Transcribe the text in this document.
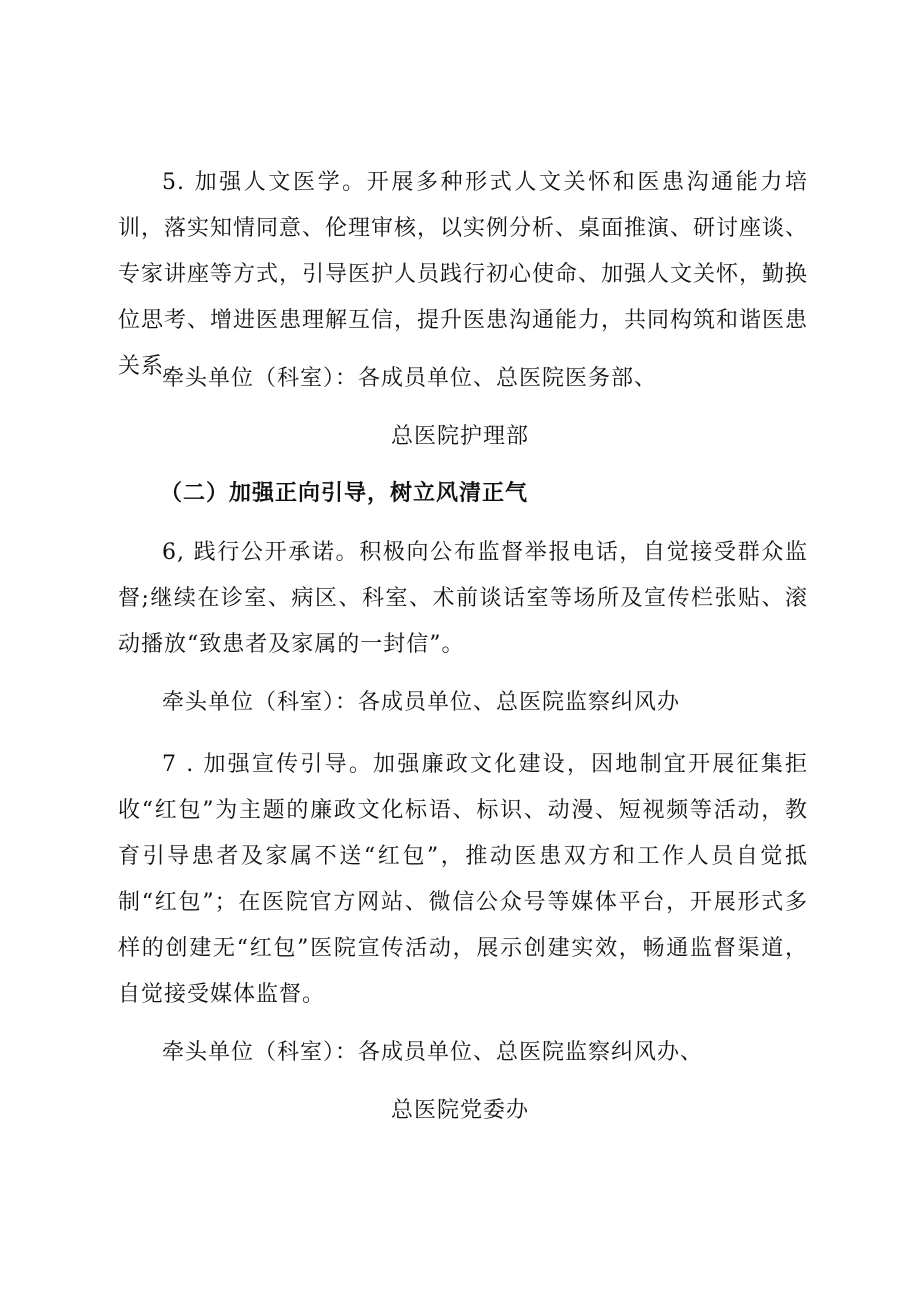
5. 加强人文医学。开展多种形式人文关怀和医患沟通能力培训，落实知情同意、伦理审核，以实例分析、桌面推演、研讨座谈、专家讲座等方式，引导医护人员践行初心使命、加强人文关怀，勤换位思考、增进医患理解互信，提升医患沟通能力，共同构筑和谐医患关系。

牵头单位（科室）：各成员单位、总医院医务部、
总医院护理部
（二）加强正向引导，树立风清正气

6, 践行公开承诺。积极向公布监督举报电话，自觉接受群众监督;继续在诊室、病区、科室、术前谈话室等场所及宣传栏张贴、滚动播放“致患者及家属的一封信”。

牵头单位（科室）：各成员单位、总医院监察纠风办

7 . 加强宣传引导。加强廉政文化建设，因地制宜开展征集拒收“红包”为主题的廉政文化标语、标识、动漫、短视频等活动，教育引导患者及家属不送“红包”，推动医患双方和工作人员自觉抵制“红包”；在医院官方网站、微信公众号等媒体平台，开展形式多样的创建无“红包”医院宣传活动，展示创建实效，畅通监督渠道，自觉接受媒体监督。

牵头单位（科室）：各成员单位、总医院监察纠风办、
总医院党委办
